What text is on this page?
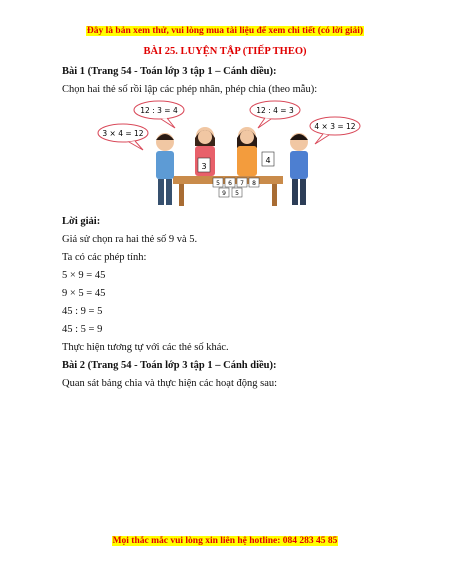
Đây là bản xem thử, vui lòng mua tài liệu để xem chi tiết (có lời giải)
BÀI 25. LUYỆN TẬP (TIẾP THEO)
Bài 1 (Trang 54 - Toán lớp 3 tập 1 – Cánh diều):
Chọn hai thẻ số rồi lập các phép nhân, phép chia (theo mẫu):
12 : 3 = 4	12 : 4 = 3
3 × 4 = 12
4 × 3 = 12
3
4
5 6 7 8
9 5
Lời giải:
Giả sử chọn ra hai thẻ số 9 và 5.
Ta có các phép tính:
5 × 9 = 45
9 × 5 = 45
45 : 9 = 5
45 : 5 = 9
Thực hiện tương tự với các thẻ số khác.
Bài 2 (Trang 54 - Toán lớp 3 tập 1 – Cánh diều):
Quan sát bảng chia và thực hiện các hoạt động sau:
Mọi thắc mắc vui lòng xin liên hệ hotline: 084 283 45 85
